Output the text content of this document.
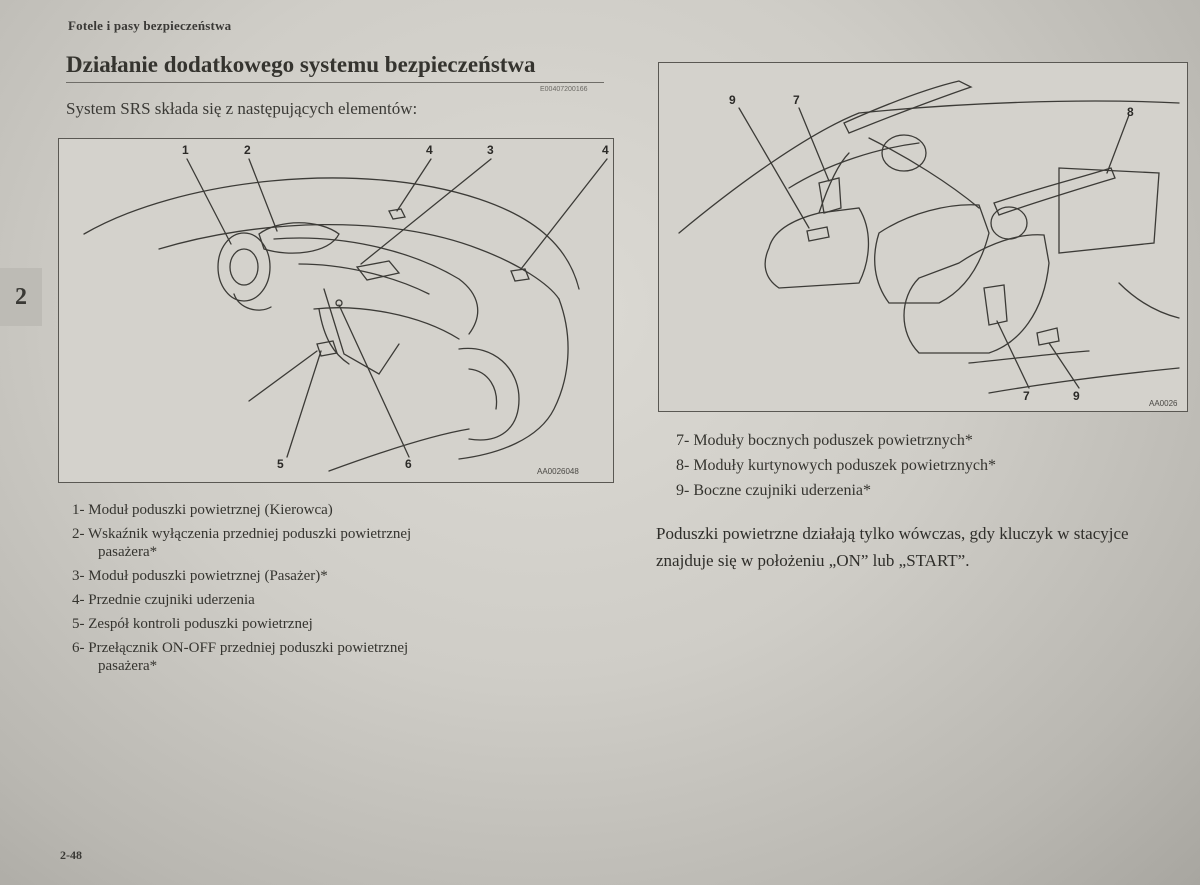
Fotele i pasy bezpieczeństwa
Działanie dodatkowego systemu bezpieczeństwa
E00407200166
System SRS składa się z następujących elementów:
2
1	2	4	3	4
5	6
AA0026048
9	7
8
7	9
AA0026
1- Moduł poduszki powietrznej (Kierowca)
2- Wskaźnik wyłączenia przedniej poduszki powietrznej
pasażera*
3- Moduł poduszki powietrznej (Pasażer)*
4- Przednie czujniki uderzenia
5- Zespół kontroli poduszki powietrznej
6- Przełącznik ON-OFF przedniej poduszki powietrznej
pasażera*
7- Moduły bocznych poduszek powietrznych*
8- Moduły kurtynowych poduszek powietrznych*
9- Boczne czujniki uderzenia*
Poduszki powietrzne działają tylko wówczas, gdy kluczyk w stacyjce znajduje się w położeniu „ON” lub „START”.
2-48
